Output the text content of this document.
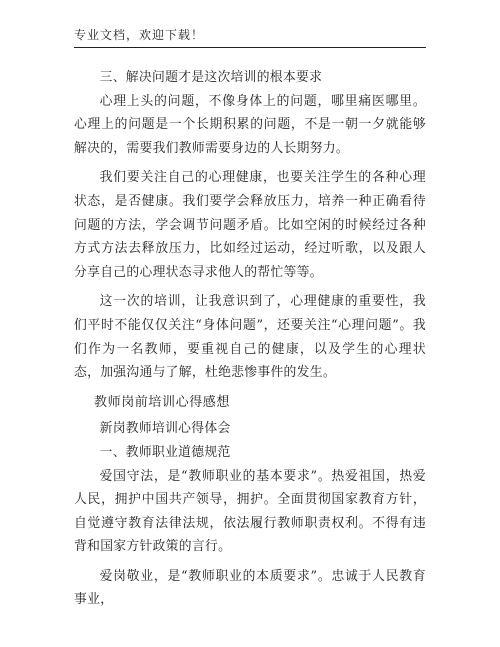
专业文档，欢迎下载！

三、解决问题才是这次培训的根本要求

心理上头的问题，不像身体上的问题，哪里痛医哪里。心理上的问题是一个长期积累的问题，不是一朝一夕就能够解决的，需要我们教师需要身边的人长期努力。

我们要关注自己的心理健康，也要关注学生的各种心理状态，是否健康。我们要学会释放压力，培养一种正确看待问题的方法，学会调节问题矛盾。比如空闲的时候经过各种方式方法去释放压力，比如经过运动，经过听歌，以及跟人分享自己的心理状态寻求他人的帮忙等等。

这一次的培训，让我意识到了，心理健康的重要性，我们平时不能仅仅关注“身体问题”，还要关注“心理问题”。我们作为一名教师，要重视自己的健康，以及学生的心理状态，加强沟通与了解，杜绝悲惨事件的发生。

教师岗前培训心得感想

新岗教师培训心得体会

一、教师职业道德规范

爱国守法，是“教师职业的基本要求”。热爱祖国，热爱人民，拥护中国共产领导，拥护。全面贯彻国家教育方针，自觉遵守教育法律法规，依法履行教师职责权利。不得有违背和国家方针政策的言行。

爱岗敬业，是“教师职业的本质要求”。忠诚于人民教育事业，
